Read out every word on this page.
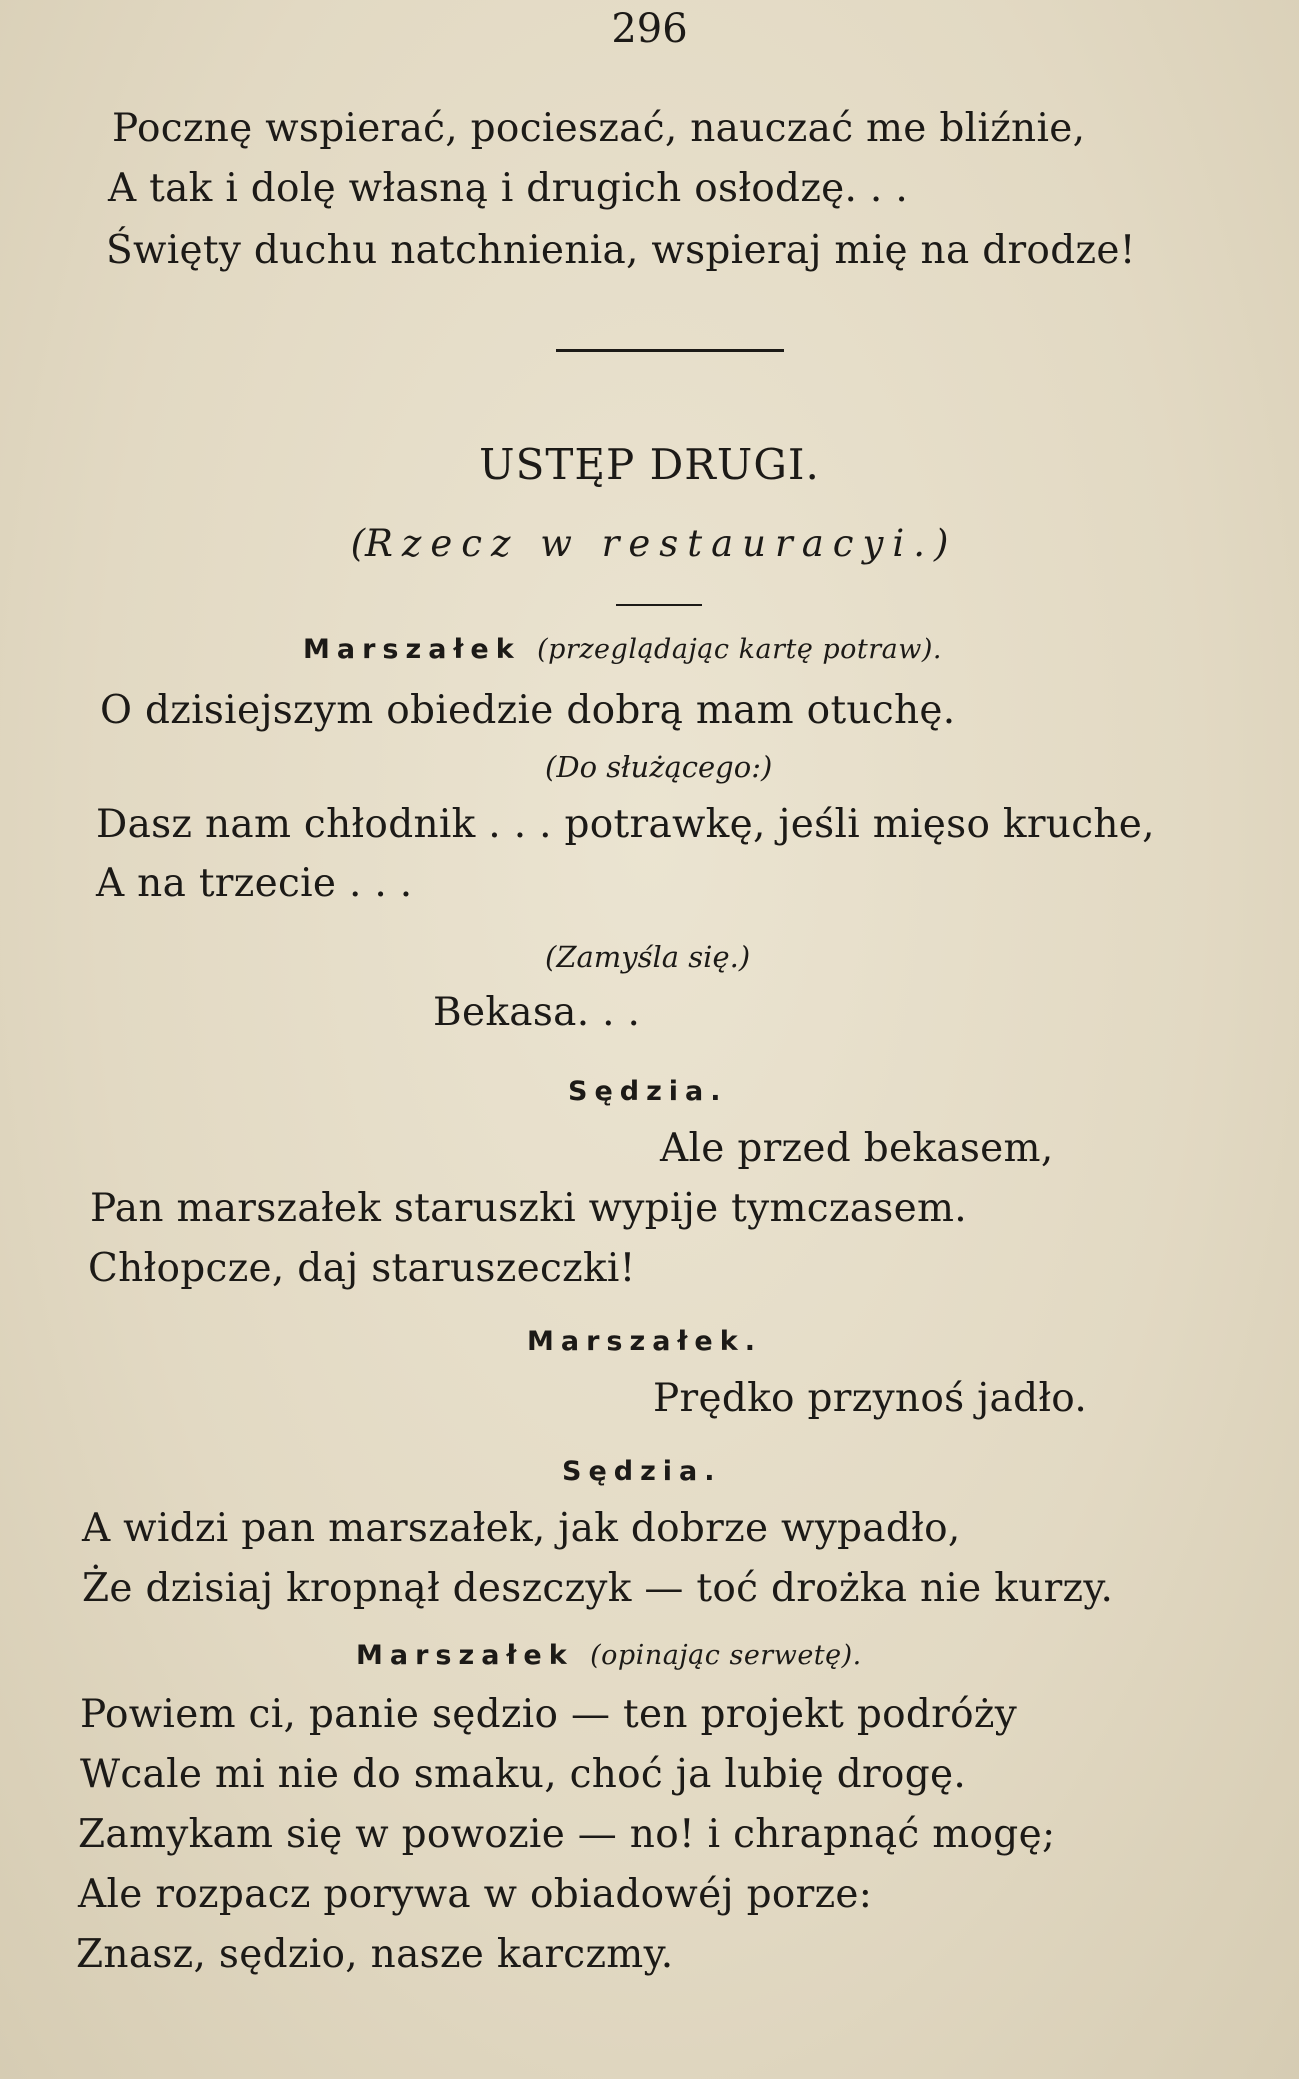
296
Pocznę wspierać, pocieszać, nauczać me bliźnie,
A tak i dolę własną i drugich osłodzę. . .
Święty duchu natchnienia, wspieraj mię na drodze!
USTĘP DRUGI.
(Rzecz w restauracyi.)
Marszałek (przeglądając kartę potraw).
O dzisiejszym obiedzie dobrą mam otuchę.
(Do służącego:)
Dasz nam chłodnik . . . potrawkę, jeśli mięso kruche,
A na trzecie . . .
(Zamyśla się.)
Bekasa. . .
Sędzia.
Ale przed bekasem,
Pan marszałek staruszki wypije tymczasem.
Chłopcze, daj staruszeczki!
Marszałek.
Prędko przynoś jadło.
Sędzia.
A widzi pan marszałek, jak dobrze wypadło,
Że dzisiaj kropnął deszczyk — toć drożka nie kurzy.
Marszałek (opinając serwetę).
Powiem ci, panie sędzio — ten projekt podróży
Wcale mi nie do smaku, choć ja lubię drogę.
Zamykam się w powozie — no! i chrapnąć mogę;
Ale rozpacz porywa w obiadowéj porze:
Znasz, sędzio, nasze karczmy.
